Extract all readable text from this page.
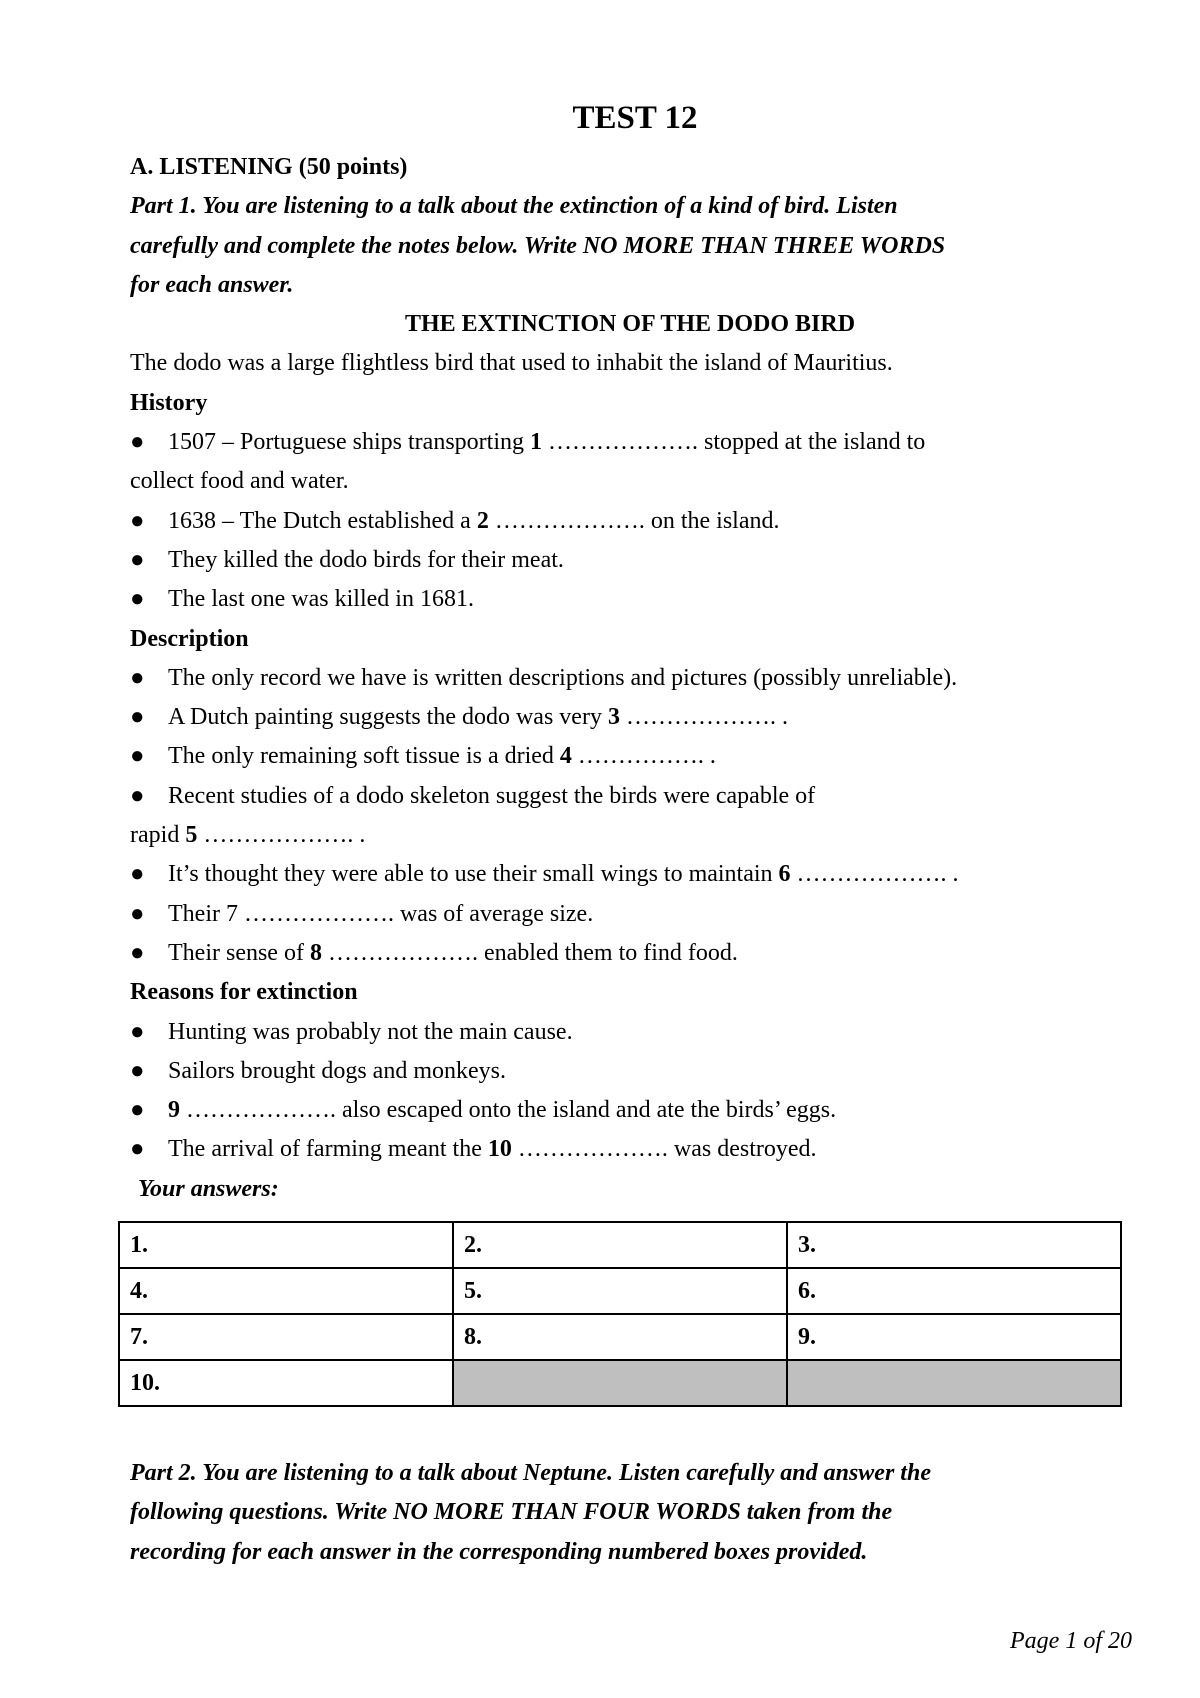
TEST 12

A. LISTENING (50 points)

Part 1. You are listening to a talk about the extinction of a kind of bird. Listen

carefully and complete the notes below. Write NO MORE THAN THREE WORDS

for each answer.

THE EXTINCTION OF THE DODO BIRD

The dodo was a large flightless bird that used to inhabit the island of Mauritius.

History

● 1507 – Portuguese ships transporting 1 ………………. stopped at the island to

collect food and water.

● 1638 – The Dutch established a 2 ………………. on the island.

● They killed the dodo birds for their meat.

● The last one was killed in 1681.

Description

● The only record we have is written descriptions and pictures (possibly unreliable).

● A Dutch painting suggests the dodo was very 3 ………………. .

● The only remaining soft tissue is a dried 4 ……………. .

● Recent studies of a dodo skeleton suggest the birds were capable of

rapid 5 ………………. .

● It’s thought they were able to use their small wings to maintain 6 ………………. .

● Their 7 ………………. was of average size.

● Their sense of 8 ………………. enabled them to find food.

Reasons for extinction

● Hunting was probably not the main cause.

● Sailors brought dogs and monkeys.

● 9 ………………. also escaped onto the island and ate the birds’ eggs.

● The arrival of farming meant the 10 ………………. was destroyed.

Your answers:

1.	2.	3.
4.	5.	6.
7.	8.	9.
10.		

Part 2. You are listening to a talk about Neptune. Listen carefully and answer the

following questions. Write NO MORE THAN FOUR WORDS taken from the

recording for each answer in the corresponding numbered boxes provided.

Page 1 of 20
